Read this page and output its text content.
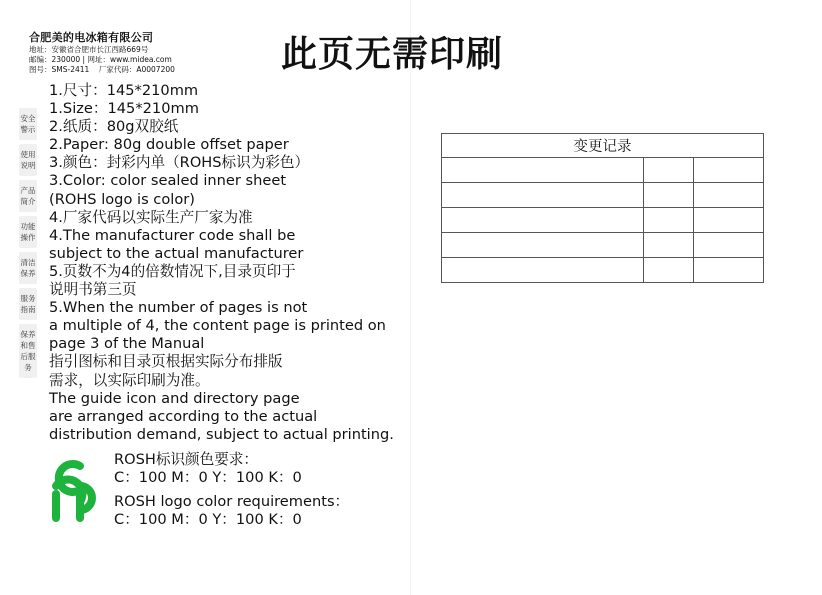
合肥美的电冰箱有限公司
地址：安徽省合肥市长江西路669号
邮编：230000 | 网址：www.midea.com
图号：SMS-2411 厂家代码：A0007200	此页无需印刷
安全警示
使用说明
产品简介
功能操作
清洁保养
服务指南
保养和售后服务
1.尺寸：145*210mm
1.Size：145*210mm
2.纸质：80g双胶纸
2.Paper: 80g double offset paper
3.颜色：封彩内单（ROHS标识为彩色）
3.Color: color sealed inner sheet
(ROHS logo is color)
4.厂家代码以实际生产厂家为准
4.The manufacturer code shall be
subject to the actual manufacturer
5.页数不为4的倍数情况下,目录页印于
说明书第三页
5.When the number of pages is not
a multiple of 4, the content page is printed on
page 3 of the Manual
指引图标和目录页根据实际分布排版
需求，以实际印刷为准。
The guide icon and directory page
are arranged according to the actual
distribution demand, subject to actual printing.
ROSH标识颜色要求：
C：100 M：0 Y：100 K：0
ROSH logo color requirements：
C：100 M：0 Y：100 K：0
变更记录		
